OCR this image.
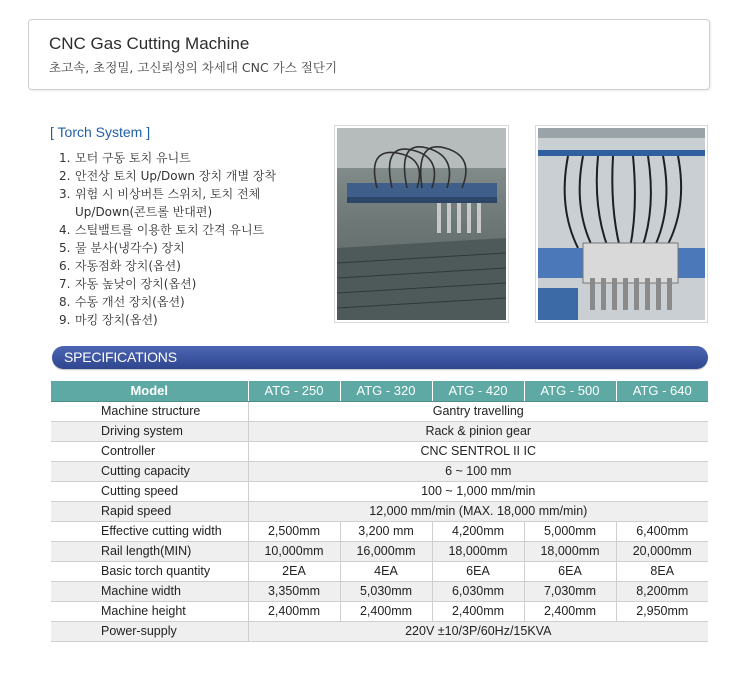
CNC Gas Cutting Machine
초고속, 초정밀, 고신뢰성의 차세대 CNC 가스 절단기
[ Torch System ]
1. 모터 구동 토치 유니트
2. 안전상 토치 Up/Down 장치 개별 장착
3. 위험 시 비상버튼 스위치, 토치 전체
Up/Down(콘트롤 반대편)
4. 스틸밸트를 이용한 토치 간격 유니트
5. 물 분사(냉각수) 장치
6. 자동점화 장치(옵션)
7. 자동 높낮이 장치(옵션)
8. 수동 개선 장치(옵션)
9. 마킹 장치(옵션)
SPECIFICATIONS
Model	ATG - 250	ATG - 320	ATG - 420	ATG - 500	ATG - 640
Machine structure	Gantry travelling				
Driving system	Rack & pinion gear				
Controller	CNC SENTROL II IC				
Cutting capacity	6 ~ 100 mm				
Cutting speed	100 ~ 1,000 mm/min				
Rapid speed	12,000 mm/min (MAX. 18,000 mm/min)				
Effective cutting width	2,500mm	3,200 mm	4,200mm	5,000mm	6,400mm
Rail length(MIN)	10,000mm	16,000mm	18,000mm	18,000mm	20,000mm
Basic torch quantity	2EA	4EA	6EA	6EA	8EA
Machine width	3,350mm	5,030mm	6,030mm	7,030mm	8,200mm
Machine height	2,400mm	2,400mm	2,400mm	2,400mm	2,950mm
Power-supply	220V ±10/3P/60Hz/15KVA				
